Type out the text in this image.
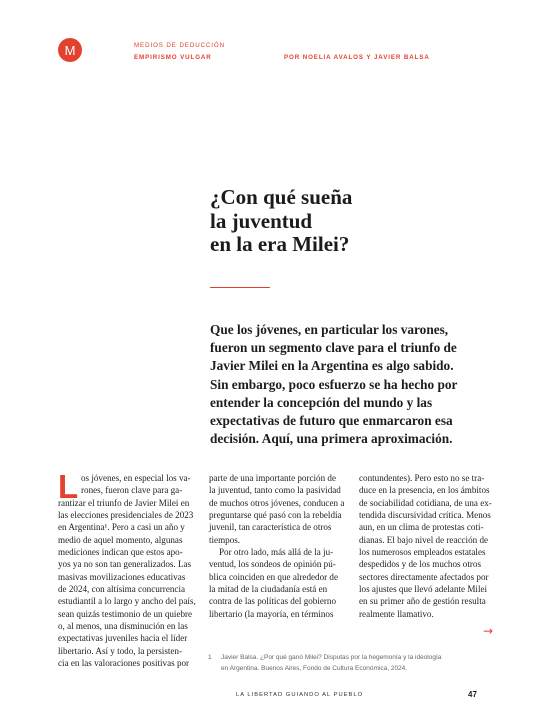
M	MEDIOS DE DEDUCCIÓN
EMPIRISMO VULGAR	POR NOELIA AVALOS Y JAVIER BALSA
¿Con qué sueña
la juventud
en la era Milei?
Que los jóvenes, en particular los varones,
fueron un segmento clave para el triunfo de
Javier Milei en la Argentina es algo sabido.
Sin embargo, poco esfuerzo se ha hecho por
entender la concepción del mundo y las
expectativas de futuro que enmarcaron esa
decisión. Aquí, una primera aproximación.
L os jóvenes, en especial los va-
rones, fueron clave para ga-
rantizar el triunfo de Javier Milei en
las elecciones presidenciales de 2023
en Argentina¹. Pero a casi un año y
medio de aquel momento, algunas
mediciones indican que estos apo-
yos ya no son tan generalizados. Las
masivas movilizaciones educativas
de 2024, con altísima concurrencia
estudiantil a lo largo y ancho del país,
sean quizás testimonio de un quiebre
o, al menos, una disminución en las
expectativas juveniles hacia el líder
libertario. Así y todo, la persisten-
cia en las valoraciones positivas por
parte de una importante porción de
la juventud, tanto como la pasividad
de muchos otros jóvenes, conducen a
preguntarse qué pasó con la rebeldía
juvenil, tan característica de otros
tiempos.
Por otro lado, más allá de la ju-
ventud, los sondeos de opinión pú-
blica coinciden en que alrededor de
la mitad de la ciudadanía está en
contra de las políticas del gobierno
libertario (la mayoría, en términos
contundentes). Pero esto no se tra-
duce en la presencia, en los ámbitos
de sociabilidad cotidiana, de una ex-
tendida discursividad crítica. Menos
aun, en un clima de protestas coti-
dianas. El bajo nivel de reacción de
los numerosos empleados estatales
despedidos y de los muchos otros
sectores directamente afectados por
los ajustes que llevó adelante Milei
en su primer año de gestión resulta
realmente llamativo.
→
1 Javier Balsa. ¿Por qué ganó Milei? Disputas por la hegemonía y la ideología
en Argentina. Buenos Aires, Fondo de Cultura Económica, 2024.
LA LIBERTAD GUIANDO AL PUEBLO	47
